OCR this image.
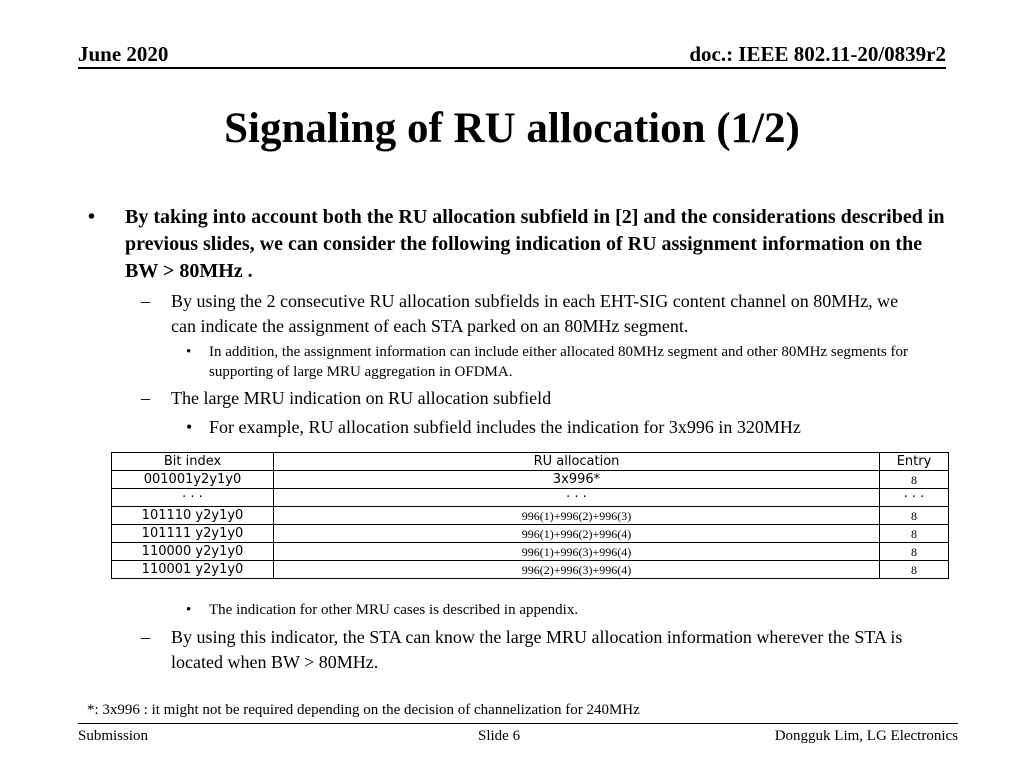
June 2020	doc.: IEEE 802.11-20/0839r2
Signaling of RU allocation (1/2)
• By taking into account both the RU allocation subfield in [2] and the considerations described in previous slides, we can consider the following indication of RU assignment information on the BW > 80MHz .
– By using the 2 consecutive RU allocation subfields in each EHT-SIG content channel on 80MHz, we can indicate the assignment of each STA parked on an 80MHz segment.
• In addition, the assignment information can include either allocated 80MHz segment and other 80MHz segments for supporting of large MRU aggregation in OFDMA.
– The large MRU indication on RU allocation subfield
• For example, RU allocation subfield includes the indication for 3x996 in 320MHz
Bit index	RU allocation	Entry
001001y2y1y0	3x996*	8
· · ·	· · ·	· · ·
101110 y2y1y0	996(1)+996(2)+996(3)	8
101111 y2y1y0	996(1)+996(2)+996(4)	8
110000 y2y1y0	996(1)+996(3)+996(4)	8
110001 y2y1y0	996(2)+996(3)+996(4)	8
• The indication for other MRU cases is described in appendix.
– By using this indicator, the STA can know the large MRU allocation information wherever the STA is located when BW > 80MHz.
*: 3x996 : it might not be required depending on the decision of channelization for 240MHz
Submission	Slide 6	Dongguk Lim, LG Electronics
